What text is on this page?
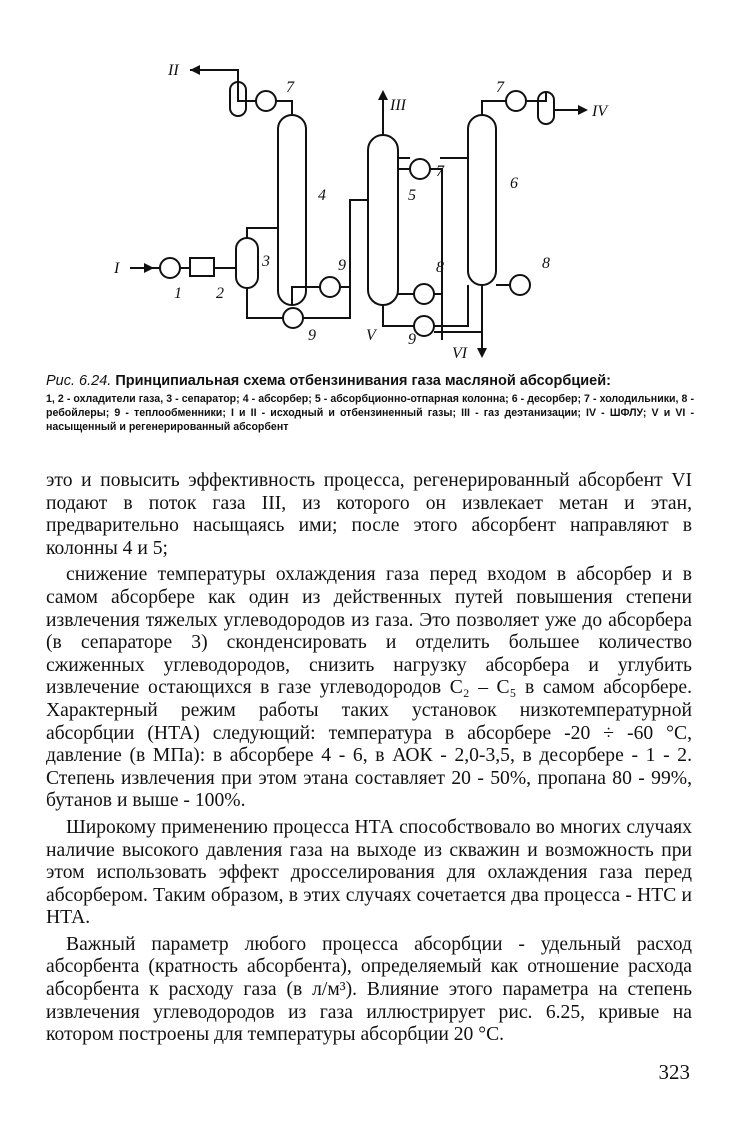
I
II
III	IV
V
VI
1 2
3
4	5
6
7
7
7
8	8
9
9	9
Рис. 6.24. Принципиальная схема отбензинивания газа масляной абсорбцией:
1, 2 - охладители газа, 3 - сепаратор; 4 - абсорбер; 5 - абсорбционно-отпарная колонна; 6 - десорбер; 7 - холодильники, 8 - ребойлеры; 9 - теплообменники; I и II - исходный и отбензиненный газы; III - газ деэтанизации; IV - ШФЛУ; V и VI - насыщенный и регенерированный абсорбент

это и повысить эффективность процесса, регенерированный абсорбент VI подают в поток газа III, из которого он извлекает метан и этан, предварительно насыщаясь ими; после этого абсорбент направляют в колонны 4 и 5;

снижение температуры охлаждения газа перед входом в абсорбер и в самом абсорбере как один из действенных путей повышения степени извлечения тяжелых углеводородов из газа. Это позволяет уже до абсорбера (в сепараторе 3) сконденсировать и отделить большее количество сжиженных углеводородов, снизить нагрузку абсорбера и углубить извлечение остающихся в газе углеводородов C₂ – C₅ в самом абсорбере. Характерный режим работы таких установок низкотемпературной абсорбции (НТА) следующий: температура в абсорбере -20 ÷ -60 °С, давление (в МПа): в абсорбере 4 - 6, в АОК - 2,0-3,5, в десорбере - 1 - 2. Степень извлечения при этом этана составляет 20 - 50%, пропана 80 - 99%, бутанов и выше - 100%.

Широкому применению процесса НТА способствовало во многих случаях наличие высокого давления газа на выходе из скважин и возможность при этом использовать эффект дросселирования для охлаждения газа перед абсорбером. Таким образом, в этих случаях сочетается два процесса - НТС и НТА.

Важный параметр любого процесса абсорбции - удельный расход абсорбента (кратность абсорбента), определяемый как отношение расхода абсорбента к расходу газа (в л/м³). Влияние этого параметра на степень извлечения углеводородов из газа иллюстрирует рис. 6.25, кривые на котором построены для температуры абсорбции 20 °С.

323
